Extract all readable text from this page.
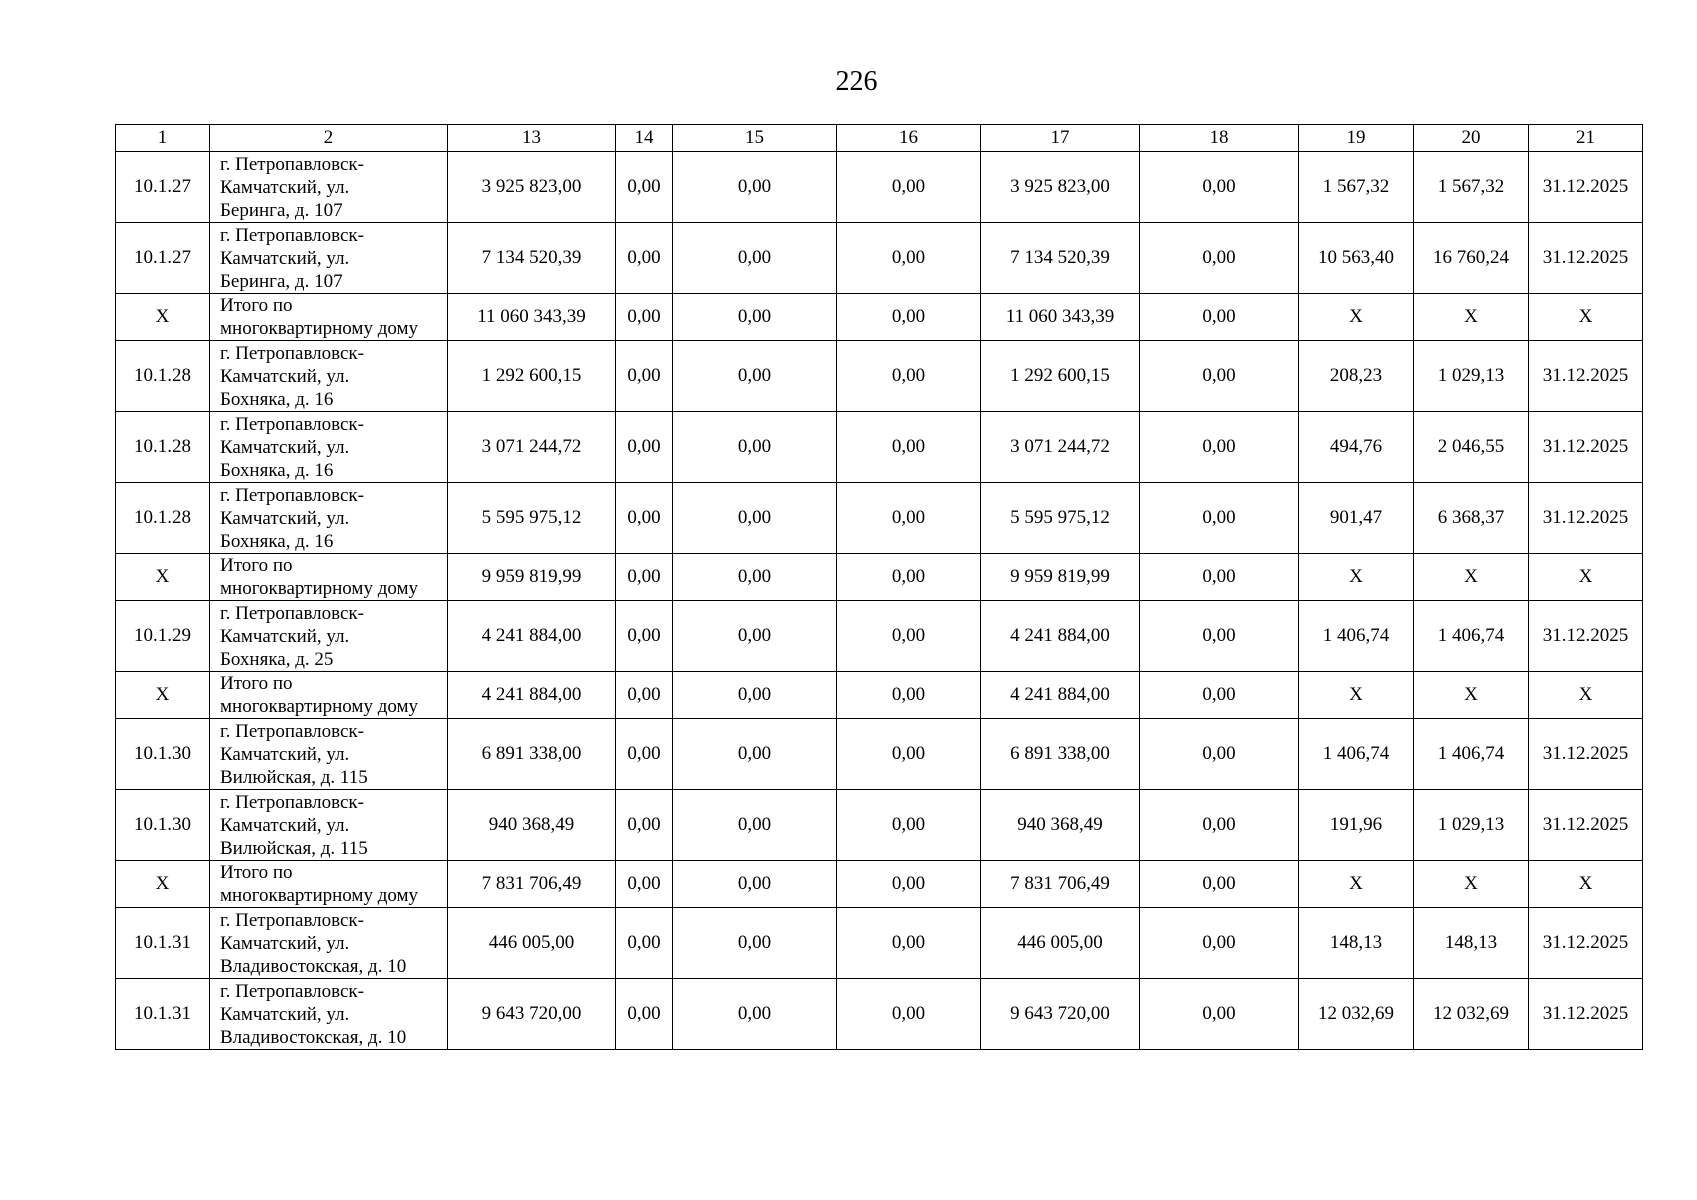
226
1	2	13	14	15	16	17	18	19	20	21
10.1.27	г. Петропавловск-
Камчатский, ул.
Беринга, д. 107	3 925 823,00	0,00	0,00	0,00	3 925 823,00	0,00	1 567,32	1 567,32	31.12.2025
10.1.27	г. Петропавловск-
Камчатский, ул.
Беринга, д. 107	7 134 520,39	0,00	0,00	0,00	7 134 520,39	0,00	10 563,40	16 760,24	31.12.2025
Х	Итого по
многоквартирному дому	11 060 343,39	0,00	0,00	0,00	11 060 343,39	0,00	Х	Х	Х
10.1.28	г. Петропавловск-
Камчатский, ул.
Бохняка, д. 16	1 292 600,15	0,00	0,00	0,00	1 292 600,15	0,00	208,23	1 029,13	31.12.2025
10.1.28	г. Петропавловск-
Камчатский, ул.
Бохняка, д. 16	3 071 244,72	0,00	0,00	0,00	3 071 244,72	0,00	494,76	2 046,55	31.12.2025
10.1.28	г. Петропавловск-
Камчатский, ул.
Бохняка, д. 16	5 595 975,12	0,00	0,00	0,00	5 595 975,12	0,00	901,47	6 368,37	31.12.2025
Х	Итого по
многоквартирному дому	9 959 819,99	0,00	0,00	0,00	9 959 819,99	0,00	Х	Х	Х
10.1.29	г. Петропавловск-
Камчатский, ул.
Бохняка, д. 25	4 241 884,00	0,00	0,00	0,00	4 241 884,00	0,00	1 406,74	1 406,74	31.12.2025
Х	Итого по
многоквартирному дому	4 241 884,00	0,00	0,00	0,00	4 241 884,00	0,00	Х	Х	Х
10.1.30	г. Петропавловск-
Камчатский, ул.
Вилюйская, д. 115	6 891 338,00	0,00	0,00	0,00	6 891 338,00	0,00	1 406,74	1 406,74	31.12.2025
10.1.30	г. Петропавловск-
Камчатский, ул.
Вилюйская, д. 115	940 368,49	0,00	0,00	0,00	940 368,49	0,00	191,96	1 029,13	31.12.2025
Х	Итого по
многоквартирному дому	7 831 706,49	0,00	0,00	0,00	7 831 706,49	0,00	Х	Х	Х
10.1.31	г. Петропавловск-
Камчатский, ул.
Владивостокская, д. 10	446 005,00	0,00	0,00	0,00	446 005,00	0,00	148,13	148,13	31.12.2025
10.1.31	г. Петропавловск-
Камчатский, ул.
Владивостокская, д. 10	9 643 720,00	0,00	0,00	0,00	9 643 720,00	0,00	12 032,69	12 032,69	31.12.2025
